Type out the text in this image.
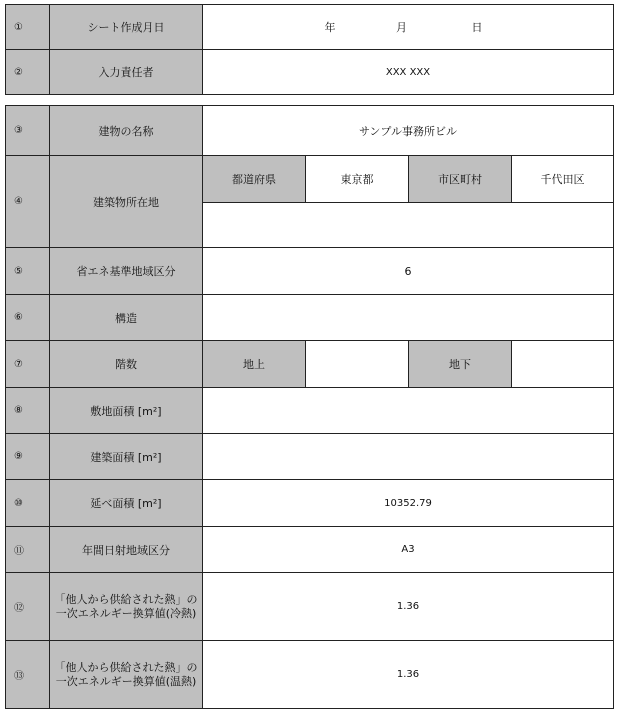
①	シート作成月日	年 月 日
②	入力責任者	XXX XXX
③	建物の名称	サンプル事務所ビル			
④	建築物所在地	都道府県	東京都	市区町村	千代田区

⑤	省エネ基準地域区分	6			
⑥	構造				
⑦	階数	地上		地下	
⑧	敷地面積 [m²]				
⑨	建築面積 [m²]				
⑩	延べ面積 [m²]	10352.79			
⑪	年間日射地域区分	A3			
⑫	「他人から供給された熱」の
一次エネルギー換算値(冷熱)	1.36			
⑬	「他人から供給された熱」の
一次エネルギー換算値(温熱)	1.36			
